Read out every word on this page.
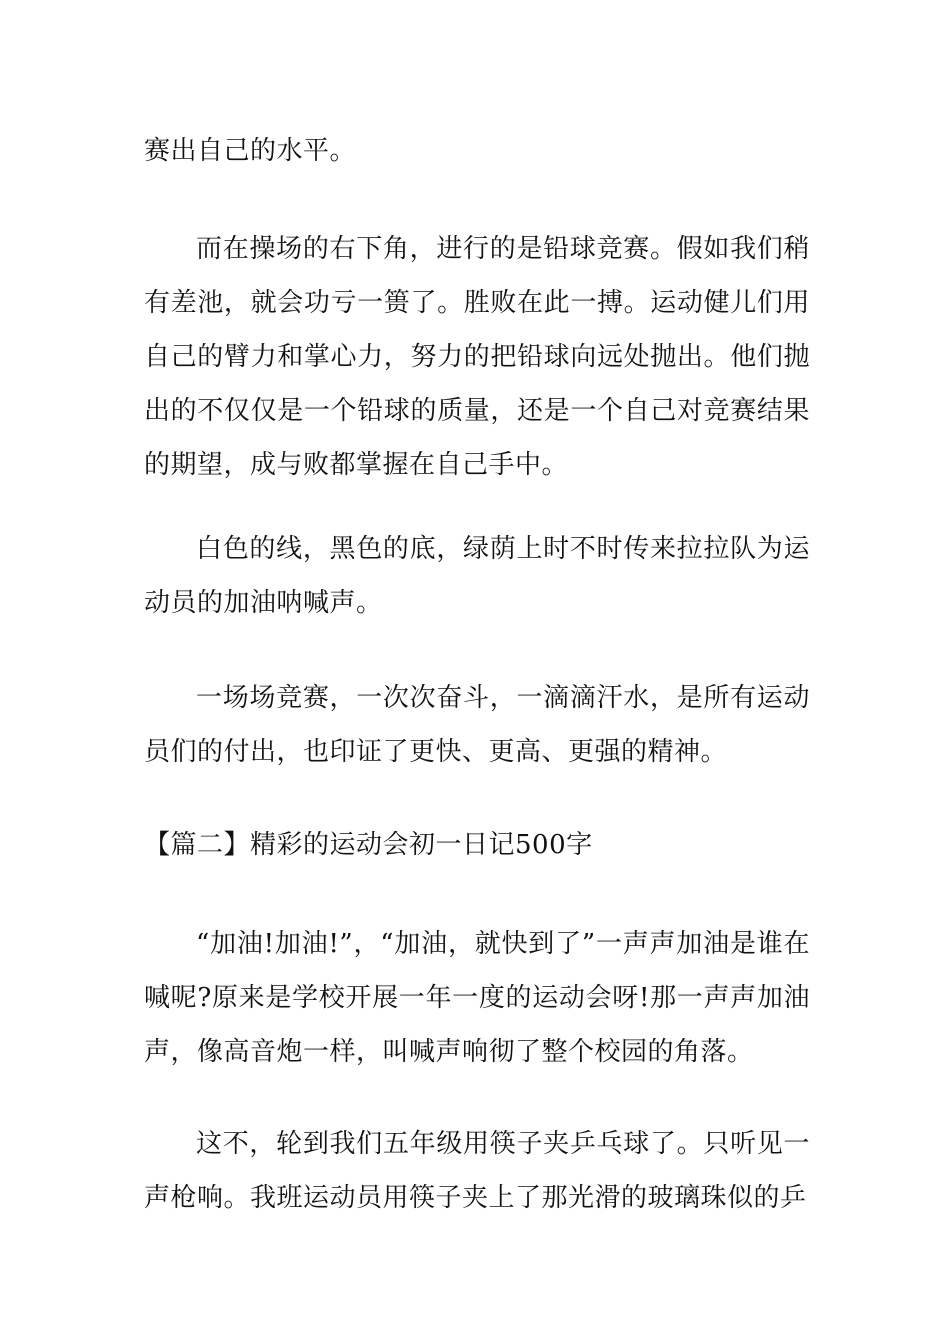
赛出自己的水平。

而在操场的右下角，进行的是铅球竞赛。假如我们稍有差池，就会功亏一篑了。胜败在此一搏。运动健儿们用自己的臂力和掌心力，努力的把铅球向远处抛出。他们抛出的不仅仅是一个铅球的质量，还是一个自己对竞赛结果的期望，成与败都掌握在自己手中。

白色的线，黑色的底，绿荫上时不时传来拉拉队为运动员的加油呐喊声。

一场场竞赛，一次次奋斗，一滴滴汗水，是所有运动员们的付出，也印证了更快、更高、更强的精神。

【篇二】精彩的运动会初一日记500字

“加油!加油!”，“加油，就快到了”一声声加油是谁在喊呢?原来是学校开展一年一度的运动会呀!那一声声加油声，像高音炮一样，叫喊声响彻了整个校园的角落。

这不，轮到我们五年级用筷子夹乒乓球了。只听见一声枪响。我班运动员用筷子夹上了那光滑的玻璃珠似的乒
